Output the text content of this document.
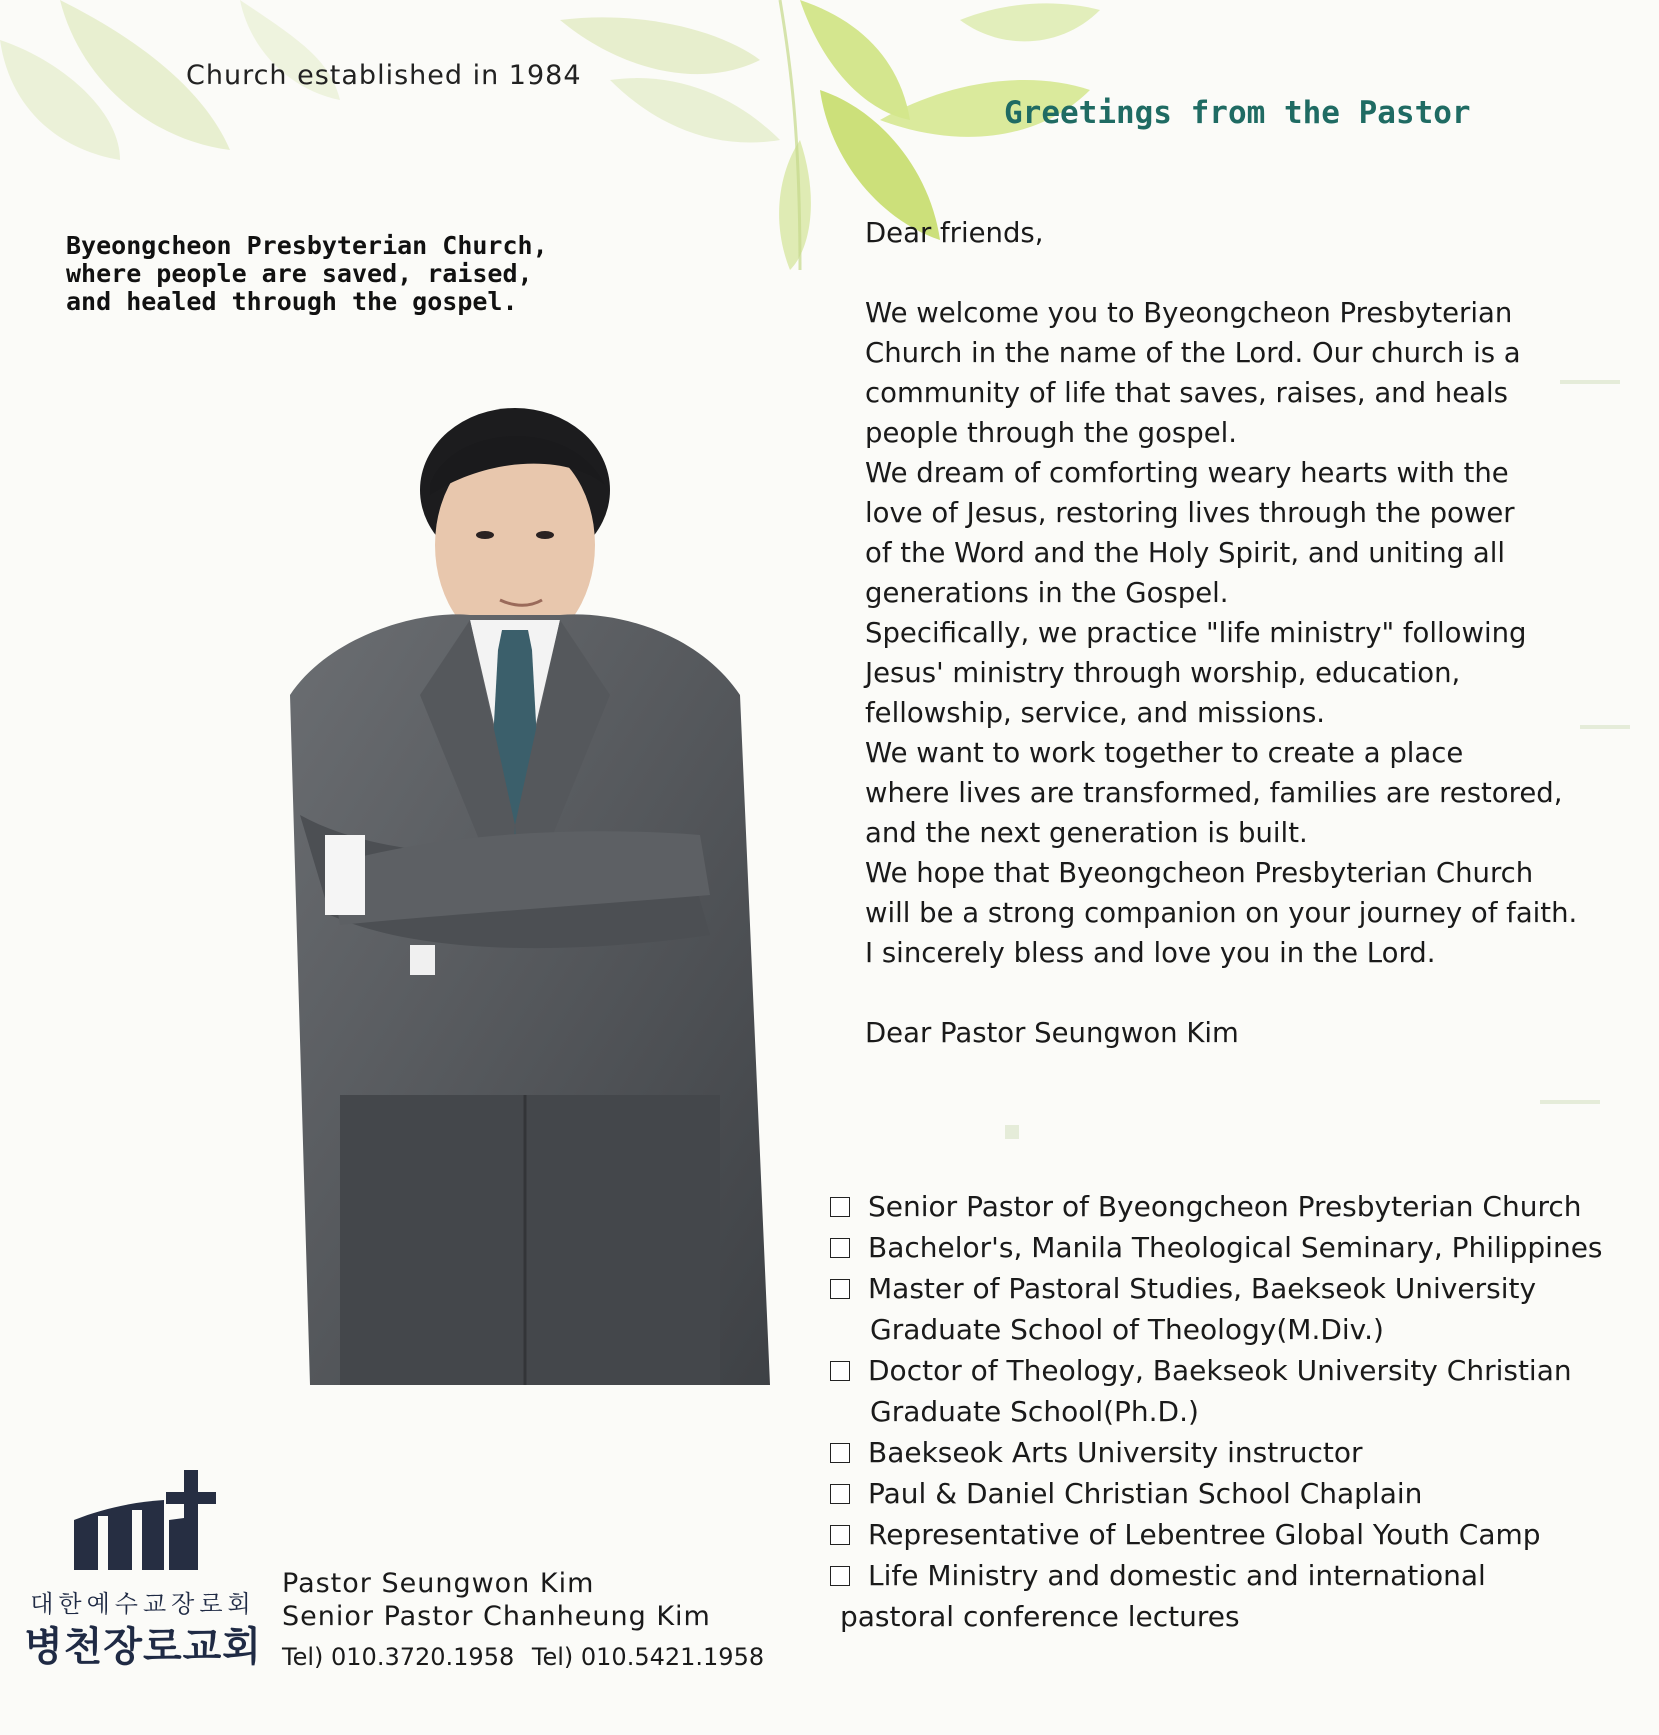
Church established in 1984
Byeongcheon Presbyterian Church,
where people are saved, raised,
and healed through the gospel.
대한예수교장로회
병천장로교회
Pastor Seungwon Kim
Senior Pastor Chanheung Kim
Tel) 010.3720.1958 Tel) 010.5421.1958
Greetings from the Pastor

Dear friends,

We welcome you to Byeongcheon Presbyterian

Church in the name of the Lord. Our church is a

community of life that saves, raises, and heals

people through the gospel.

We dream of comforting weary hearts with the

love of Jesus, restoring lives through the power

of the Word and the Holy Spirit, and uniting all

generations in the Gospel.

Specifically, we practice "life ministry" following

Jesus' ministry through worship, education,

fellowship, service, and missions.

We want to work together to create a place

where lives are transformed, families are restored,

and the next generation is built.

We hope that Byeongcheon Presbyterian Church

will be a strong companion on your journey of faith.

I sincerely bless and love you in the Lord.

Dear Pastor Seungwon Kim

Senior Pastor of Byeongcheon Presbyterian Church
Bachelor's, Manila Theological Seminary, Philippines
Master of Pastoral Studies, Baekseok University
Graduate School of Theology(M.Div.)
Doctor of Theology, Baekseok University Christian
Graduate School(Ph.D.)
Baekseok Arts University instructor
Paul & Daniel Christian School Chaplain
Representative of Lebentree Global Youth Camp
Life Ministry and domestic and international
pastoral conference lectures
